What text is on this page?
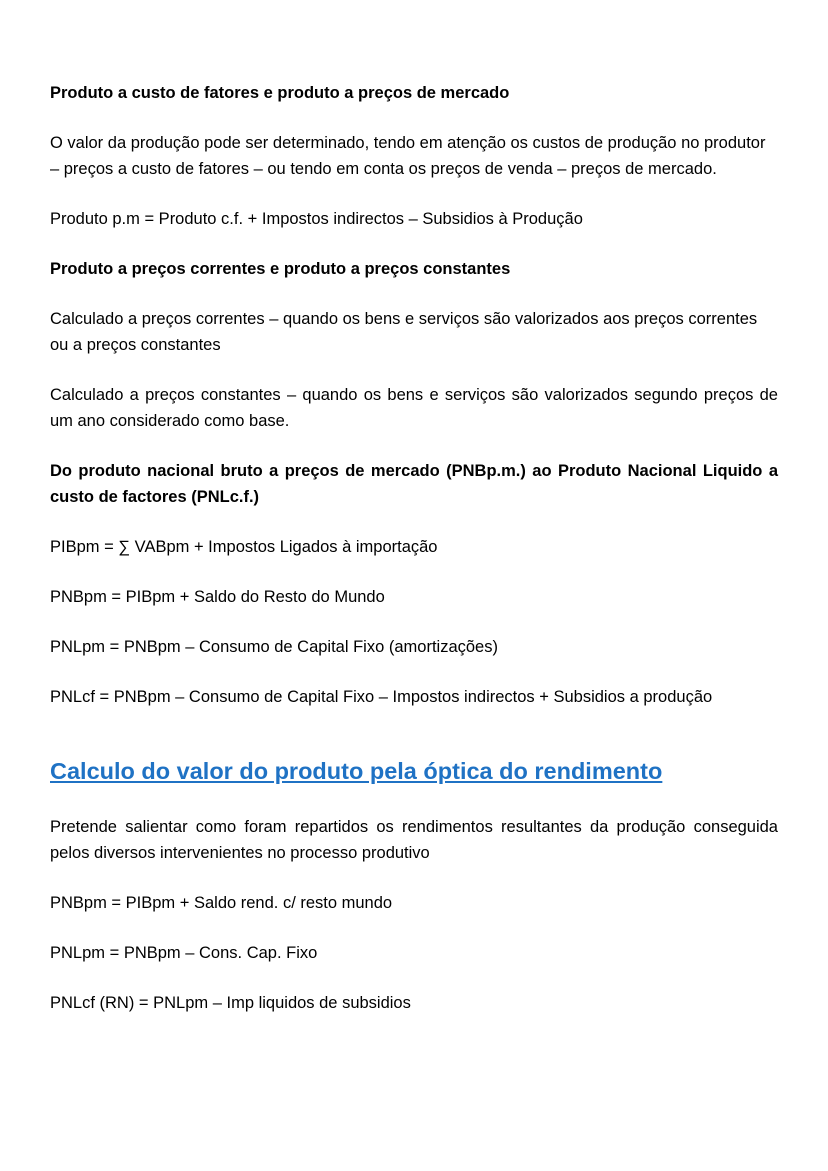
Produto a custo de fatores e produto a preços de mercado

O valor da produção pode ser determinado, tendo em atenção os custos de produção no produtor – preços a custo de fatores – ou tendo em conta os preços de venda – preços de mercado.

Produto p.m = Produto c.f. + Impostos indirectos – Subsidios à Produção

Produto a preços correntes e produto a preços constantes

Calculado a preços correntes – quando os bens e serviços são valorizados aos preços correntes ou a preços constantes

Calculado a preços constantes – quando os bens e serviços são valorizados segundo preços de um ano considerado como base.

Do produto nacional bruto a preços de mercado (PNBp.m.) ao Produto Nacional Liquido a custo de factores (PNLc.f.)

PIBpm = ∑ VABpm + Impostos Ligados à importação

PNBpm = PIBpm + Saldo do Resto do Mundo

PNLpm = PNBpm – Consumo de Capital Fixo (amortizações)

PNLcf = PNBpm – Consumo de Capital Fixo – Impostos indirectos + Subsidios a produção

Calculo do valor do produto pela óptica do rendimento

Pretende salientar como foram repartidos os rendimentos resultantes da produção conseguida pelos diversos intervenientes no processo produtivo

PNBpm = PIBpm + Saldo rend. c/ resto mundo

PNLpm = PNBpm – Cons. Cap. Fixo

PNLcf (RN) = PNLpm – Imp liquidos de subsidios
